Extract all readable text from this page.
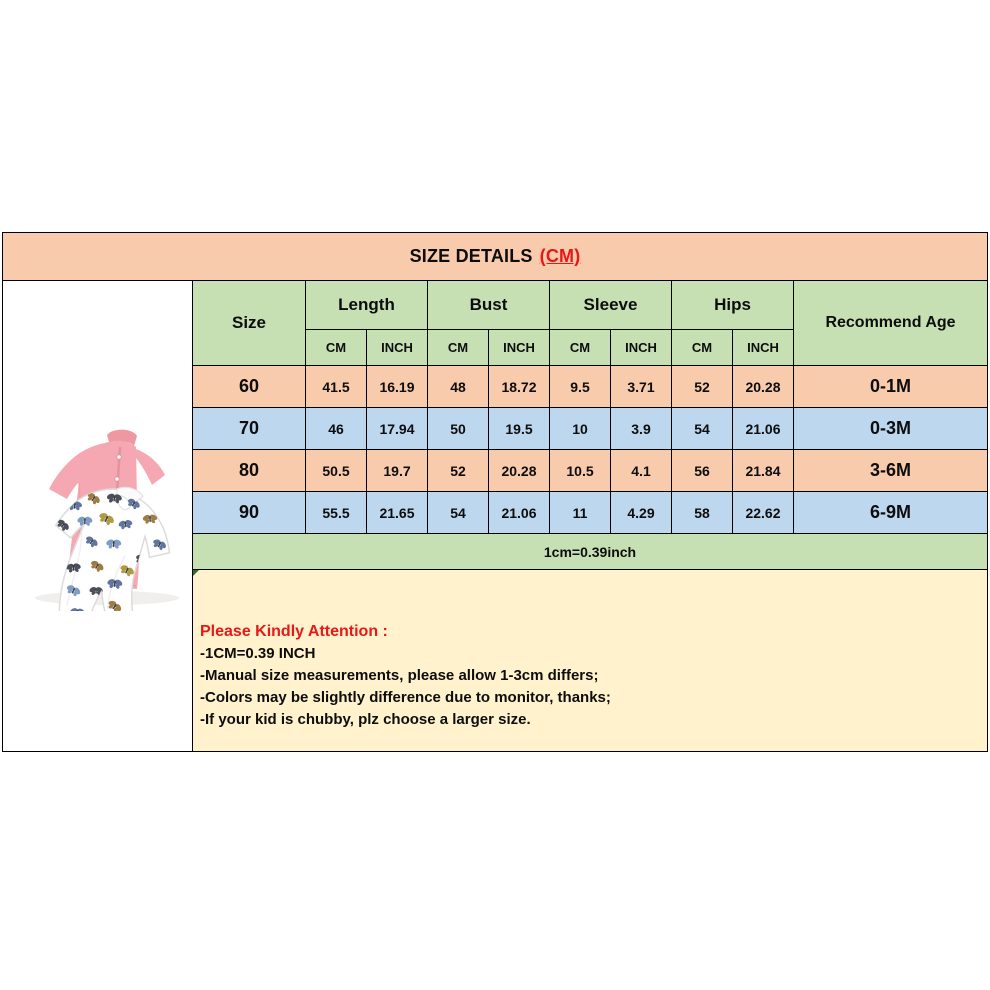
SIZE DETAILS (CM)
Size
Length	Bust	Sleeve	Hips
Recommend Age
CM	INCH	CM	INCH	CM	INCH	CM	INCH
60	41.5	16.19	48	18.72	9.5	3.71	52	20.28	0-1M
70	46	17.94	50	19.5	10	3.9	54	21.06	0-3M
80	50.5	19.7	52	20.28	10.5	4.1	56	21.84	3-6M
90	55.5	21.65	54	21.06	11	4.29	58	22.62	6-9M
1cm=0.39inch
Please Kindly Attention :
-1CM=0.39 INCH
-Manual size measurements, please allow 1-3cm differs;
-Colors may be slightly difference due to monitor, thanks;
-If your kid is chubby, plz choose a larger size.
